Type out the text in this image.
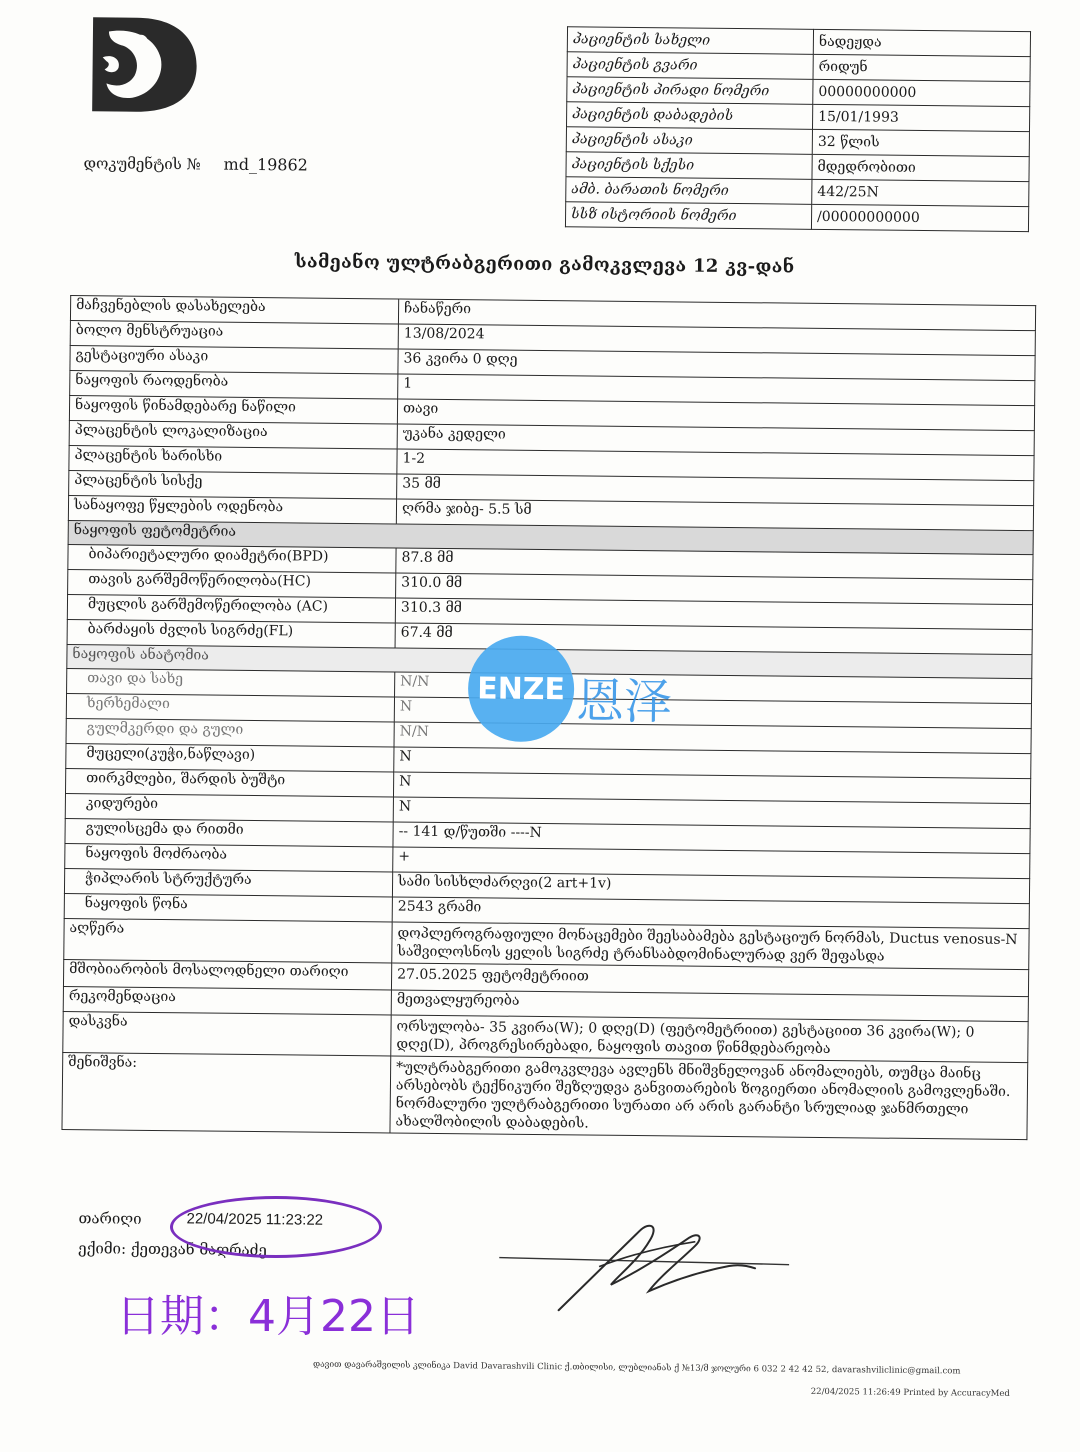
დოკუმენტის № md_19862
პაციენტის სახელი	ნადეჟდა
პაციენტის გვარი	რიდუნ
პაციენტის პირადი ნომერი	00000000000
პაციენტის დაბადების	15/01/1993
პაციენტის ასაკი	32 წლის
პაციენტის სქესი	მდედრობითი
ამბ. ბარათის ნომერი	442/25N
სსზ ისტორიის ნომერი	/00000000000
სამეანო ულტრაბგერითი გამოკვლევა 12 კვ-დან
მაჩვენებლის დასახელება	ჩანაწერი
ბოლო მენსტრუაცია	13/08/2024
გესტაციური ასაკი	36 კვირა 0 დღე
ნაყოფის რაოდენობა	1
ნაყოფის წინამდებარე ნაწილი	თავი
პლაცენტის ლოკალიზაცია	უკანა კედელი
პლაცენტის ხარისხი	1-2
პლაცენტის სისქე	35 მმ
სანაყოფე წყლების ოდენობა	ღრმა ჯიბე- 5.5 სმ
ნაყოფის ფეტომეტრია	
ბიპარიეტალური დიამეტრი(BPD)	87.8 მმ
თავის გარშემოწერილობა(HC)	310.0 მმ
მუცლის გარშემოწერილობა (AC)	310.3 მმ
ბარძაყის ძვლის სიგრძე(FL)	67.4 მმ
ნაყოფის ანატომია	
თავი და სახე	N/N
ხერხემალი	N
გულმკერდი და გული	N/N
მუცელი(კუჭი,ნაწლავი)	N
თირკმლები, შარდის ბუშტი	N
კიდურები	N
გულისცემა და რითმი	-- 141 დ/წუთში ----N
ნაყოფის მოძრაობა	+
ჭიპლარის სტრუქტურა	სამი სისხლძარღვი(2 art+1v)
ნაყოფის წონა	2543 გრამი
აღწერა	დოპლეროგრაფიული მონაცემები შეესაბამება გესტაციურ ნორმას, Ductus venosus-N
საშვილოსნოს ყელის სიგრძე ტრანსაბდომინალურად ვერ შეფასდა

მშობიარობის მოსალოდნელი თარიღი	27.05.2025 ფეტომეტრიით
რეკომენდაცია	მეთვალყურეობა
დასკვნა	ორსულობა- 35 კვირა(W); 0 დღე(D) (ფეტომეტრიით) გესტაციით 36 კვირა(W); 0 დღე(D), პროგრესირებადი, ნაყოფის თავით წინმდებარეობა
შენიშვნა:	*ულტრაბგერითი გამოკვლევა ავლენს მნიშვნელოვან ანომალიებს, თუმცა მაინც არსებობს ტექნიკური შეზღუდვა განვითარების ზოგიერთი ანომალიის გამოვლენაში. ნორმალური ულტრაბგერითი სურათი არ არის გარანტი სრულიად ჯანმრთელი ახალშობილის დაბადების.
ENZE 恩泽
თარიღი	22/04/2025 11:23:22
ექიმი: ქეთევან მაღრაძე
დავით დავარაშვილის კლინიკა David Davarashvili Clinic ქ.თბილისი, ლუბლიანას ქ №13/მ ჯოლური 6 032 2 42 42 52, davarashviliclinic@gmail.com
22/04/2025 11:26:49 Printed by AccuracyMed
日期：4月22日
